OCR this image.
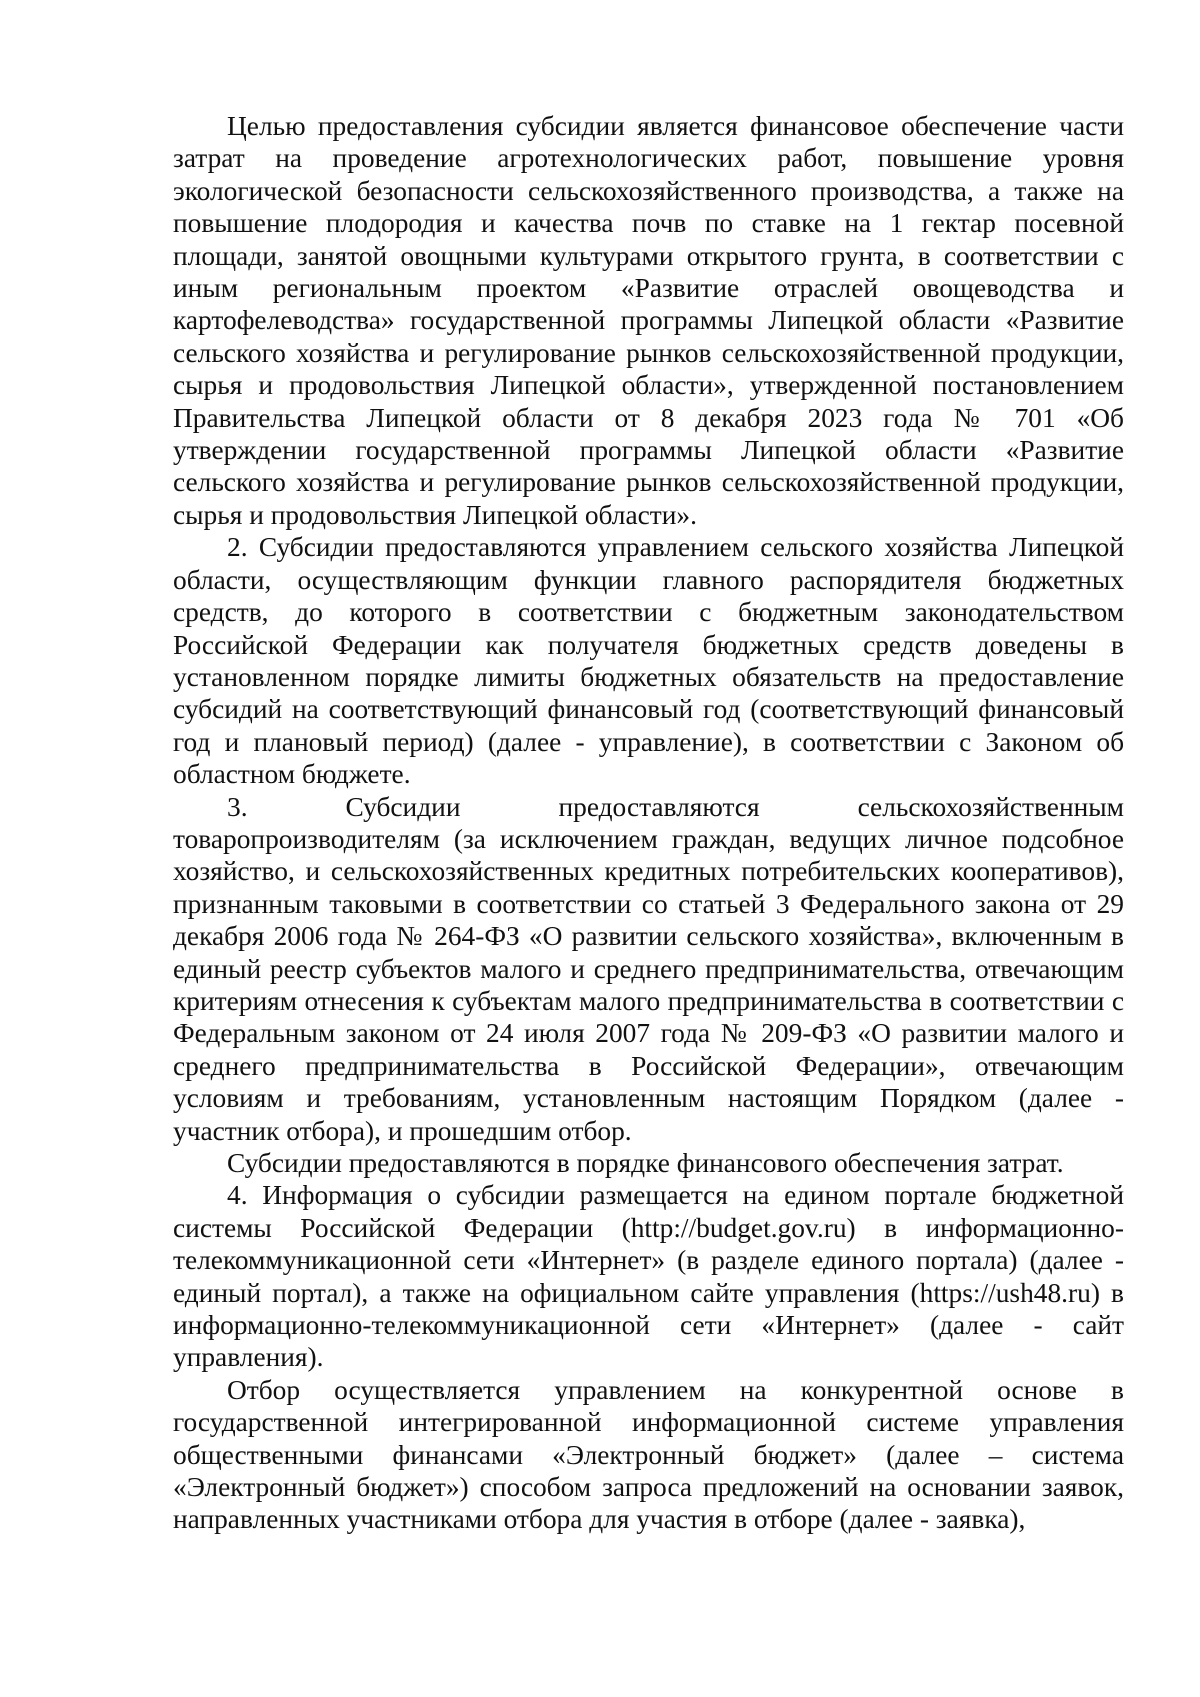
Целью предоставления субсидии является финансовое обеспечение части затрат на проведение агротехнологических работ, повышение уровня экологической безопасности сельскохозяйственного производства, а также на повышение плодородия и качества почв по ставке на 1 гектар посевной площади, занятой овощными культурами открытого грунта, в соответствии с иным региональным проектом «Развитие отраслей овощеводства и картофелеводства» государственной программы Липецкой области «Развитие сельского хозяйства и регулирование рынков сельскохозяйственной продукции, сырья и продовольствия Липецкой области», утвержденной постановлением Правительства Липецкой области от 8 декабря 2023 года № 701 «Об утверждении государственной программы Липецкой области «Развитие сельского хозяйства и регулирование рынков сельскохозяйственной продукции, сырья и продовольствия Липецкой области».

2. Субсидии предоставляются управлением сельского хозяйства Липецкой области, осуществляющим функции главного распорядителя бюджетных средств, до которого в соответствии с бюджетным законодательством Российской Федерации как получателя бюджетных средств доведены в установленном порядке лимиты бюджетных обязательств на предоставление субсидий на соответствующий финансовый год (соответствующий финансовый год и плановый период) (далее - управление), в соответствии с Законом об областном бюджете.

3. Субсидии предоставляются сельскохозяйственным товаропроизводителям (за исключением граждан, ведущих личное подсобное хозяйство, и сельскохозяйственных кредитных потребительских кооперативов), признанным таковыми в соответствии со статьей 3 Федерального закона от 29 декабря 2006 года № 264-ФЗ «О развитии сельского хозяйства», включенным в единый реестр субъектов малого и среднего предпринимательства, отвечающим критериям отнесения к субъектам малого предпринимательства в соответствии с Федеральным законом от 24 июля 2007 года № 209-ФЗ «О развитии малого и среднего предпринимательства в Российской Федерации», отвечающим условиям и требованиям, установленным настоящим Порядком (далее - участник отбора), и прошедшим отбор.

Субсидии предоставляются в порядке финансового обеспечения затрат.

4. Информация о субсидии размещается на едином портале бюджетной системы Российской Федерации (http://budget.gov.ru) в информационно-телекоммуникационной сети «Интернет» (в разделе единого портала) (далее - единый портал), а также на официальном сайте управления (https://ush48.ru) в информационно-телекоммуникационной сети «Интернет» (далее - сайт управления).

Отбор осуществляется управлением на конкурентной основе в государственной интегрированной информационной системе управления общественными финансами «Электронный бюджет» (далее – система «Электронный бюджет») способом запроса предложений на основании заявок, направленных участниками отбора для участия в отборе (далее - заявка),
